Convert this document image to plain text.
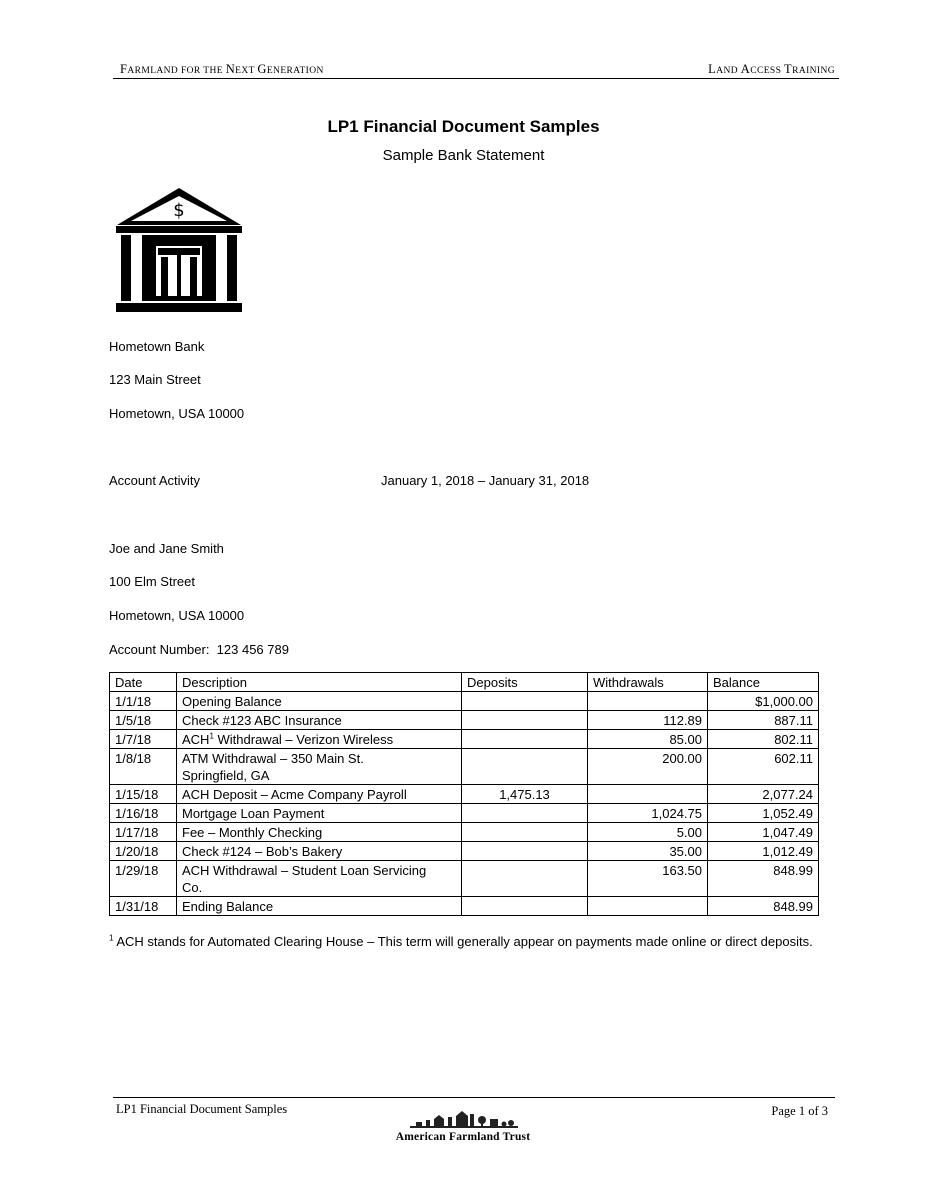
FARMLAND FOR THE NEXT GENERATION	LAND ACCESS TRAINING
LP1 Financial Document Samples
Sample Bank Statement
$
Hometown Bank
123 Main Street
Hometown, USA 10000
Account Activity	January 1, 2018 – January 31, 2018
Joe and Jane Smith
100 Elm Street
Hometown, USA 10000
Account Number:  123 456 789
Date	Description	Deposits	Withdrawals	Balance
1/1/18	Opening Balance			$1,000.00
1/5/18	Check #123 ABC Insurance		112.89	887.11
1/7/18	ACH$^1$ Withdrawal – Verizon Wireless		85.00	802.11
1/8/18	ATM Withdrawal – 350 Main St.
Springfield, GA		200.00	602.11
1/15/18	ACH Deposit – Acme Company Payroll	1,475.13		2,077.24
1/16/18	Mortgage Loan Payment		1,024.75	1,052.49
1/17/18	Fee – Monthly Checking		5.00	1,047.49
1/20/18	Check #124 – Bob’s Bakery		35.00	1,012.49
1/29/18	ACH Withdrawal – Student Loan Servicing
Co.		163.50	848.99
1/31/18	Ending Balance			848.99
$^1$ ACH stands for Automated Clearing House – This term will generally appear on payments made online or direct deposits.
LP1 Financial Document Samples	Page 1 of 3
American Farmland Trust
